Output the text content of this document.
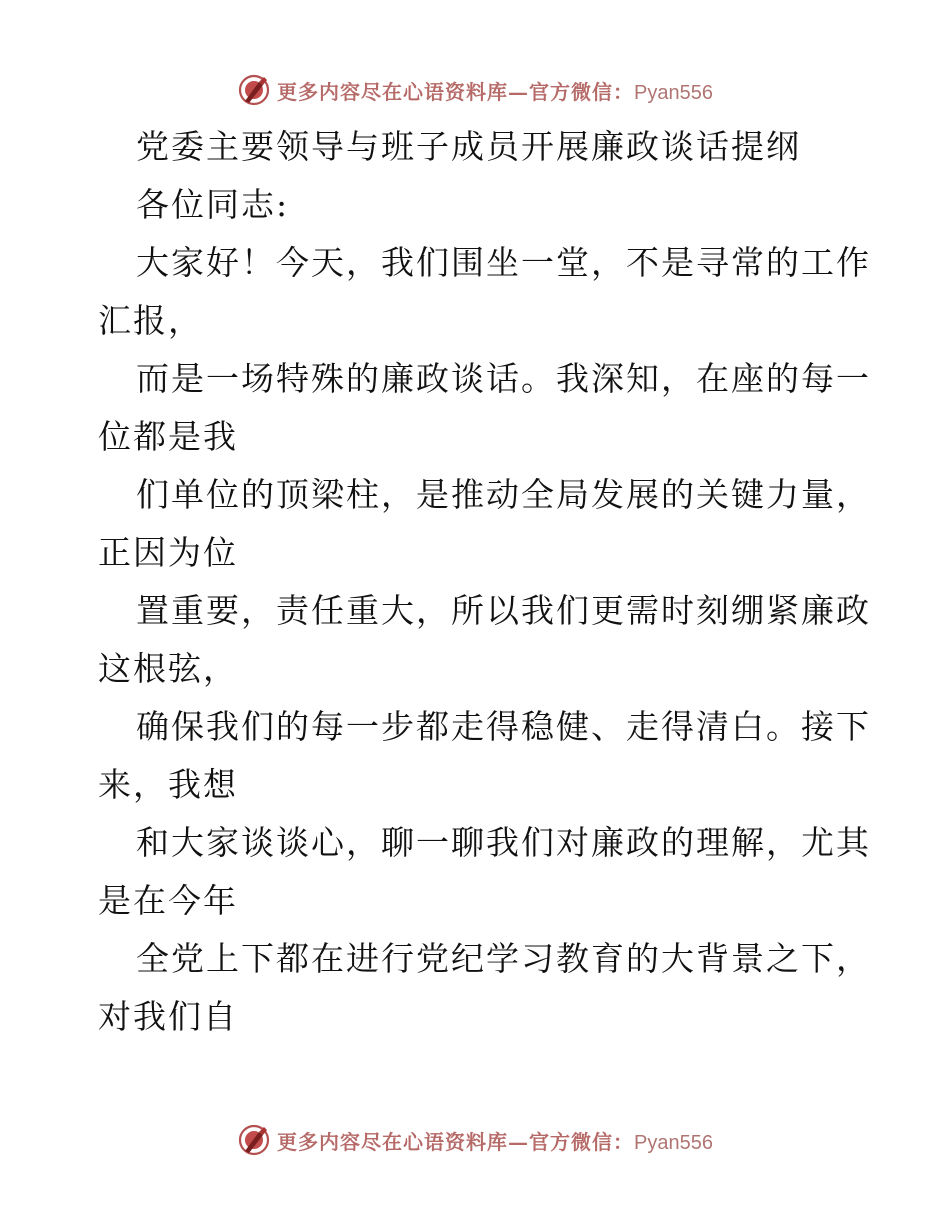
更多内容尽在心语资料库—官方微信：Pyan556
党委主要领导与班子成员开展廉政谈话提纲
各位同志:
大家好！今天，我们围坐一堂，不是寻常的工作
汇报，
而是一场特殊的廉政谈话。我深知，在座的每一
位都是我
们单位的顶梁柱，是推动全局发展的关键力量，
正因为位
置重要，责任重大，所以我们更需时刻绷紧廉政
这根弦，
确保我们的每一步都走得稳健、走得清白。接下
来，我想
和大家谈谈心，聊一聊我们对廉政的理解，尤其
是在今年
全党上下都在进行党纪学习教育的大背景之下，
对我们自
更多内容尽在心语资料库—官方微信：Pyan556
